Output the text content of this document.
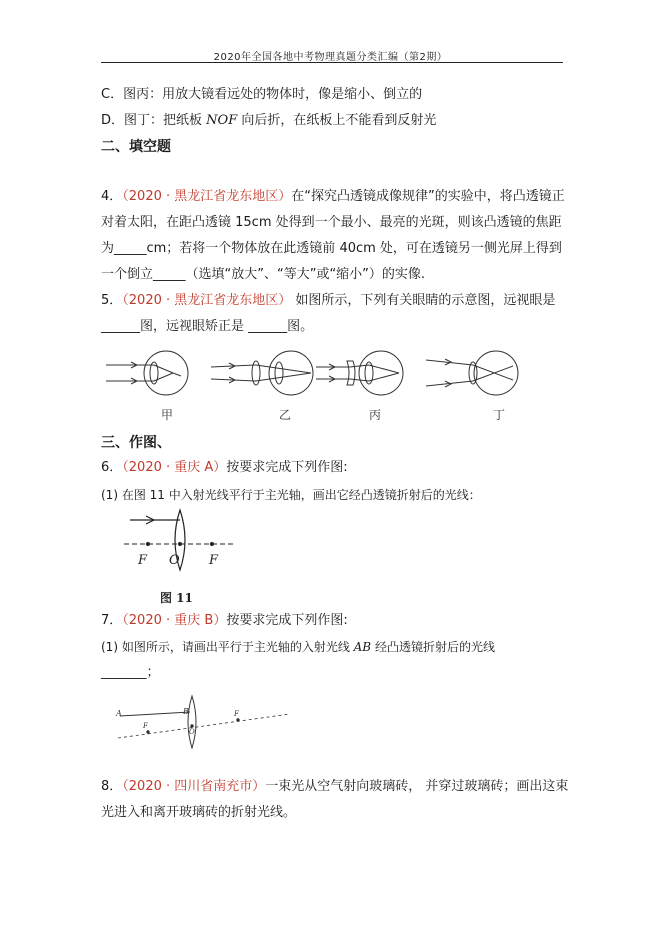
2020年全国各地中考物理真题分类汇编（第2期）
C．图丙：用放大镜看远处的物体时，像是缩小、倒立的
D．图丁：把纸板 NOF 向后折，在纸板上不能看到反射光
二、填空题
4．（2020 · 黑龙江省龙东地区）在“探究凸透镜成像规律”的实验中，将凸透镜正
对着太阳，在距凸透镜 15cm 处得到一个最小、最亮的光斑，则该凸透镜的焦距
为_____cm；若将一个物体放在此透镜前 40cm 处，可在透镜另一侧光屏上得到
一个倒立_____（选填“放大”、“等大”或“缩小”）的实像.
5．（2020 · 黑龙江省龙东地区） 如图所示，下列有关眼睛的示意图，远视眼是
______图，远视眼矫正是 ______图。
甲	乙	丙	丁
三、作图、
6．（2020 · 重庆 A）按要求完成下列作图:
(1) 在图 11 中入射光线平行于主光轴，画出它经凸透镜折射后的光线：
F O F
图 11
7．（2020 · 重庆 B）按要求完成下列作图:
(1) 如图所示，请画出平行于主光轴的入射光线 AB 经凸透镜折射后的光线
_______；
A	B
F
O
F
8．（2020 · 四川省南充市）一束光从空气射向玻璃砖， 并穿过玻璃砖；画出这束
光进入和离开玻璃砖的折射光线。
